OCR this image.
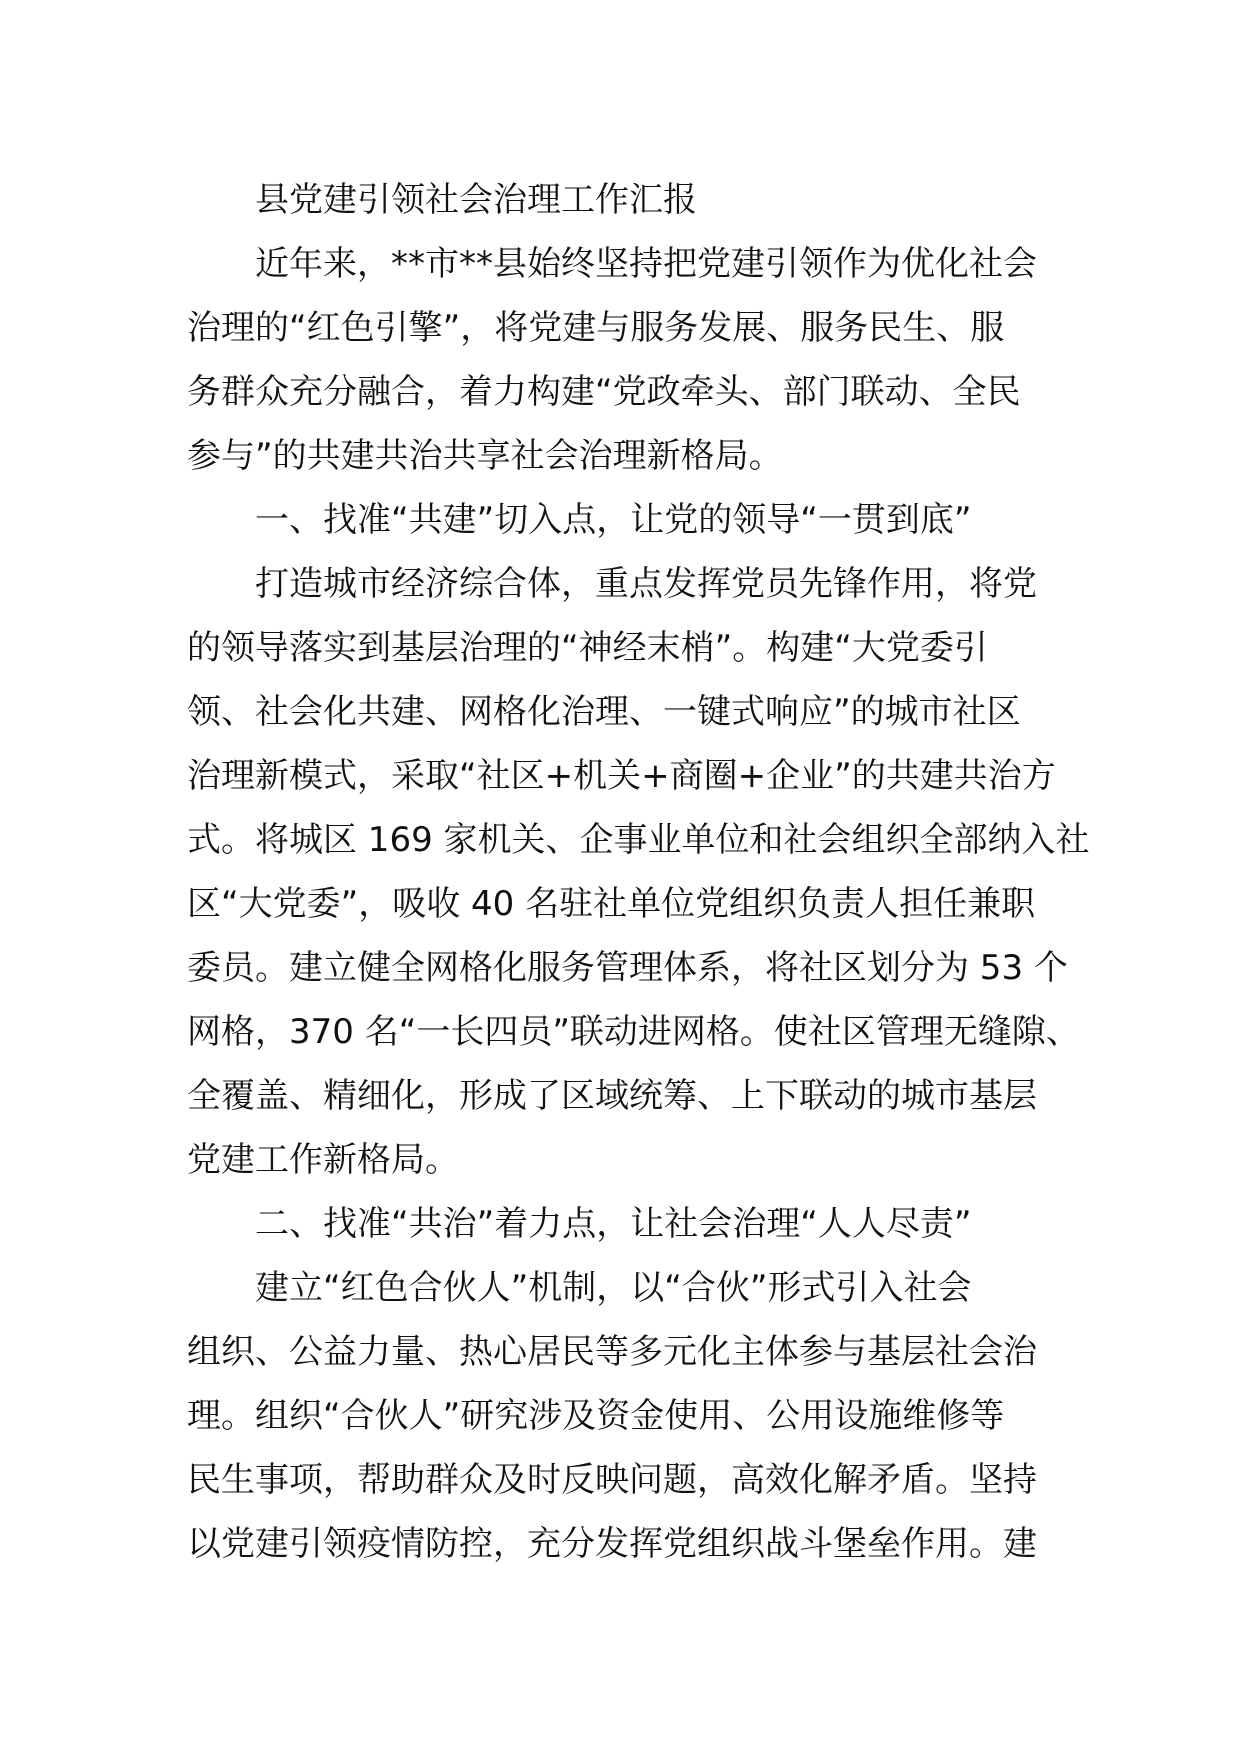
县党建引领社会治理工作汇报
近年来，**市**县始终坚持把党建引领作为优化社会
治理的“红色引擎”，将党建与服务发展、服务民生、服
务群众充分融合，着力构建“党政牵头、部门联动、全民
参与”的共建共治共享社会治理新格局。
一、找准“共建”切入点，让党的领导“一贯到底”
打造城市经济综合体，重点发挥党员先锋作用，将党
的领导落实到基层治理的“神经末梢”。构建“大党委引
领、社会化共建、网格化治理、一键式响应”的城市社区
治理新模式，采取“社区+机关+商圈+企业”的共建共治方
式。将城区 169 家机关、企事业单位和社会组织全部纳入社
区“大党委”，吸收 40 名驻社单位党组织负责人担任兼职
委员。建立健全网格化服务管理体系，将社区划分为 53 个
网格，370 名“一长四员”联动进网格。使社区管理无缝隙、
全覆盖、精细化，形成了区域统筹、上下联动的城市基层
党建工作新格局。
二、找准“共治”着力点，让社会治理“人人尽责”
建立“红色合伙人”机制，以“合伙”形式引入社会
组织、公益力量、热心居民等多元化主体参与基层社会治
理。组织“合伙人”研究涉及资金使用、公用设施维修等
民生事项，帮助群众及时反映问题，高效化解矛盾。坚持
以党建引领疫情防控，充分发挥党组织战斗堡垒作用。建
